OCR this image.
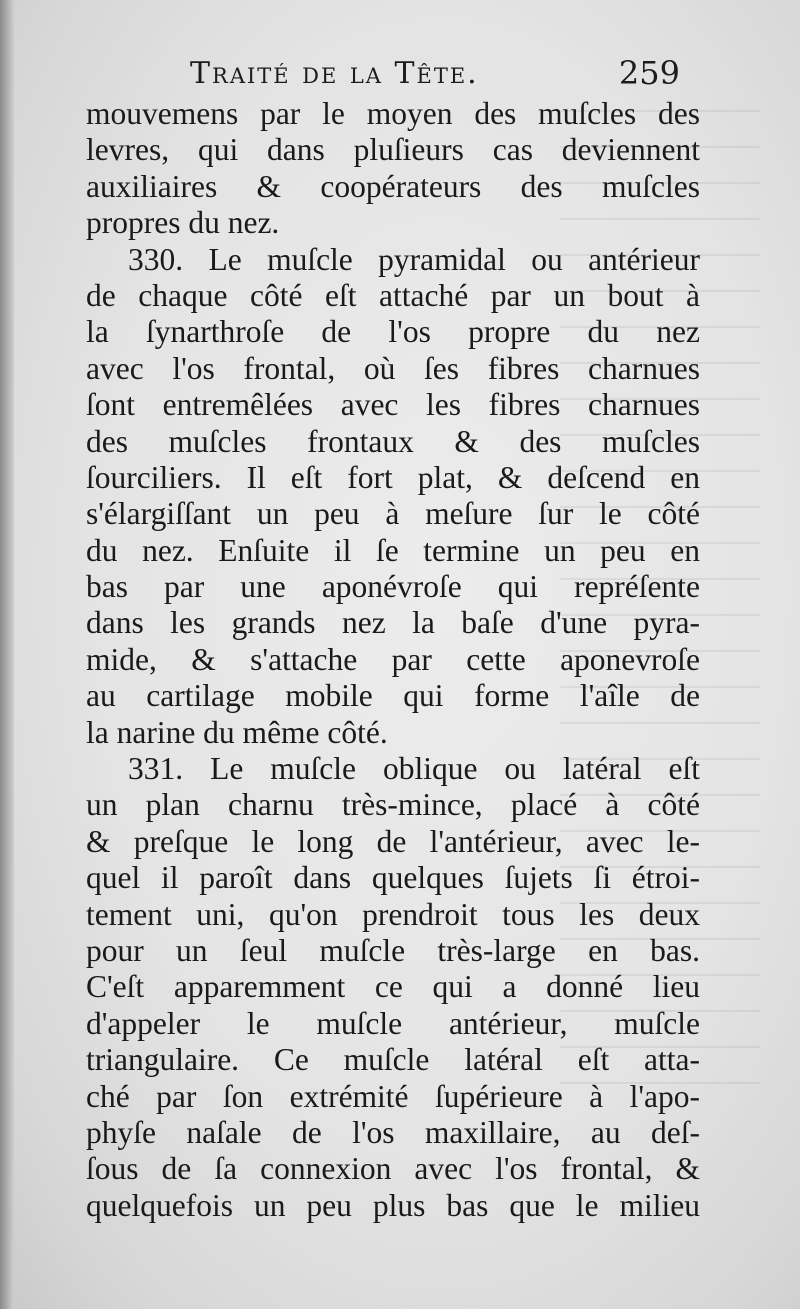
Traité de la Tête.	259
mouvemens par le moyen des muſcles des
levres, qui dans pluſieurs cas deviennent
auxiliaires & coopérateurs des muſcles
propres du nez.
330. Le muſcle pyramidal ou antérieur
de chaque côté eſt attaché par un bout à
la ſynarthroſe de l'os propre du nez
avec l'os frontal, où ſes fibres charnues
ſont entremêlées avec les fibres charnues
des muſcles frontaux & des muſcles
ſourciliers. Il eſt fort plat, & deſcend en
s'élargiſſant un peu à meſure ſur le côté
du nez. Enſuite il ſe termine un peu en
bas par une aponévroſe qui repréſente
dans les grands nez la baſe d'une pyra-
mide, & s'attache par cette aponevroſe
au cartilage mobile qui forme l'aîle de
la narine du même côté.
331. Le muſcle oblique ou latéral eſt
un plan charnu très-mince, placé à côté
& preſque le long de l'antérieur, avec le-
quel il paroît dans quelques ſujets ſi étroi-
tement uni, qu'on prendroit tous les deux
pour un ſeul muſcle très-large en bas.
C'eſt apparemment ce qui a donné lieu
d'appeler le muſcle antérieur, muſcle
triangulaire. Ce muſcle latéral eſt atta-
ché par ſon extrémité ſupérieure à l'apo-
phyſe naſale de l'os maxillaire, au deſ-
ſous de ſa connexion avec l'os frontal, &
quelquefois un peu plus bas que le milieu
